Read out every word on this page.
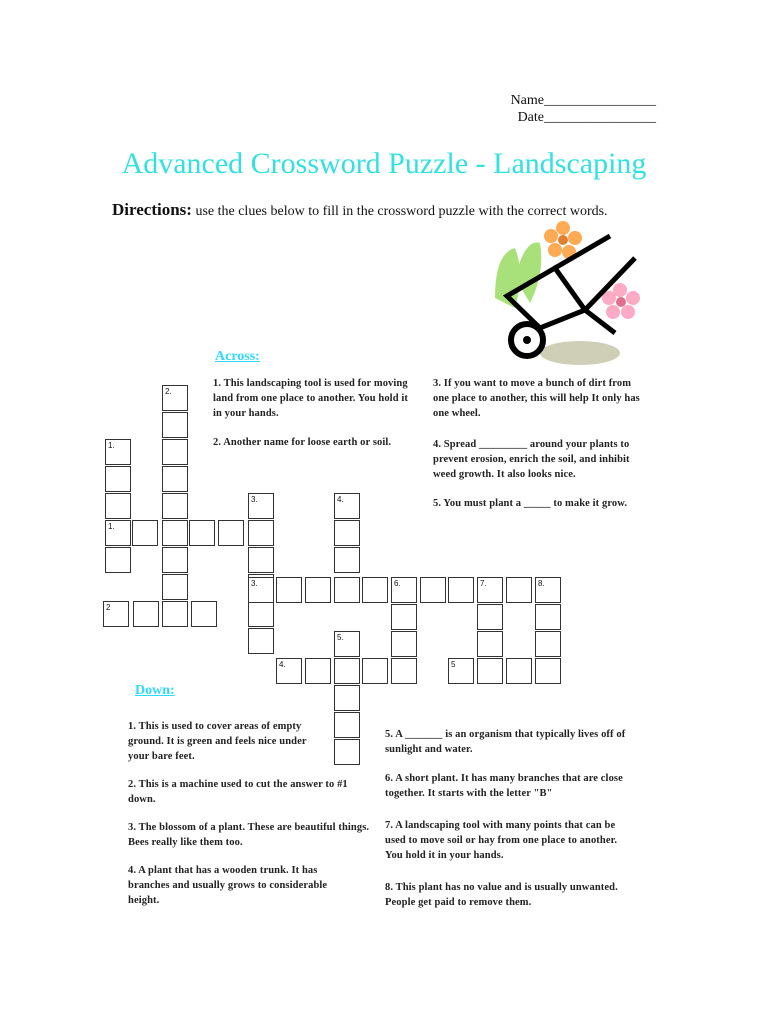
Name________________
Date________________
Advanced Crossword Puzzle - Landscaping
Directions: use the clues below to fill in the crossword puzzle with the correct words.
Across:
1. This landscaping tool is used for moving land from one place to another. You hold it in your hands.
2. Another name for loose earth or soil.
3. If you want to move a bunch of dirt from one place to another, this will help It only has one wheel.
4. Spread _________ around your plants to prevent erosion, enrich the soil, and inhibit weed growth. It also looks nice.
5. You must plant a _____ to make it grow.
Down:
1. This is used to cover areas of empty ground. It is green and feels nice under your bare feet.
2. This is a machine used to cut the answer to #1 down.
3. The blossom of a plant. These are beautiful things. Bees really like them too.
4. A plant that has a wooden trunk. It has branches and usually grows to considerable height.
5. A _______ is an organism that typically lives off of sunlight and water.
6. A short plant. It has many branches that are close together. It starts with the letter "B"
7. A landscaping tool with many points that can be used to move soil or hay from one place to another. You hold it in your hands.
8. This plant has no value and is usually unwanted. People get paid to remove them.
2.
1.
1.
2
3.	4.
3.	6.	7.	8.
5.
4.	5
